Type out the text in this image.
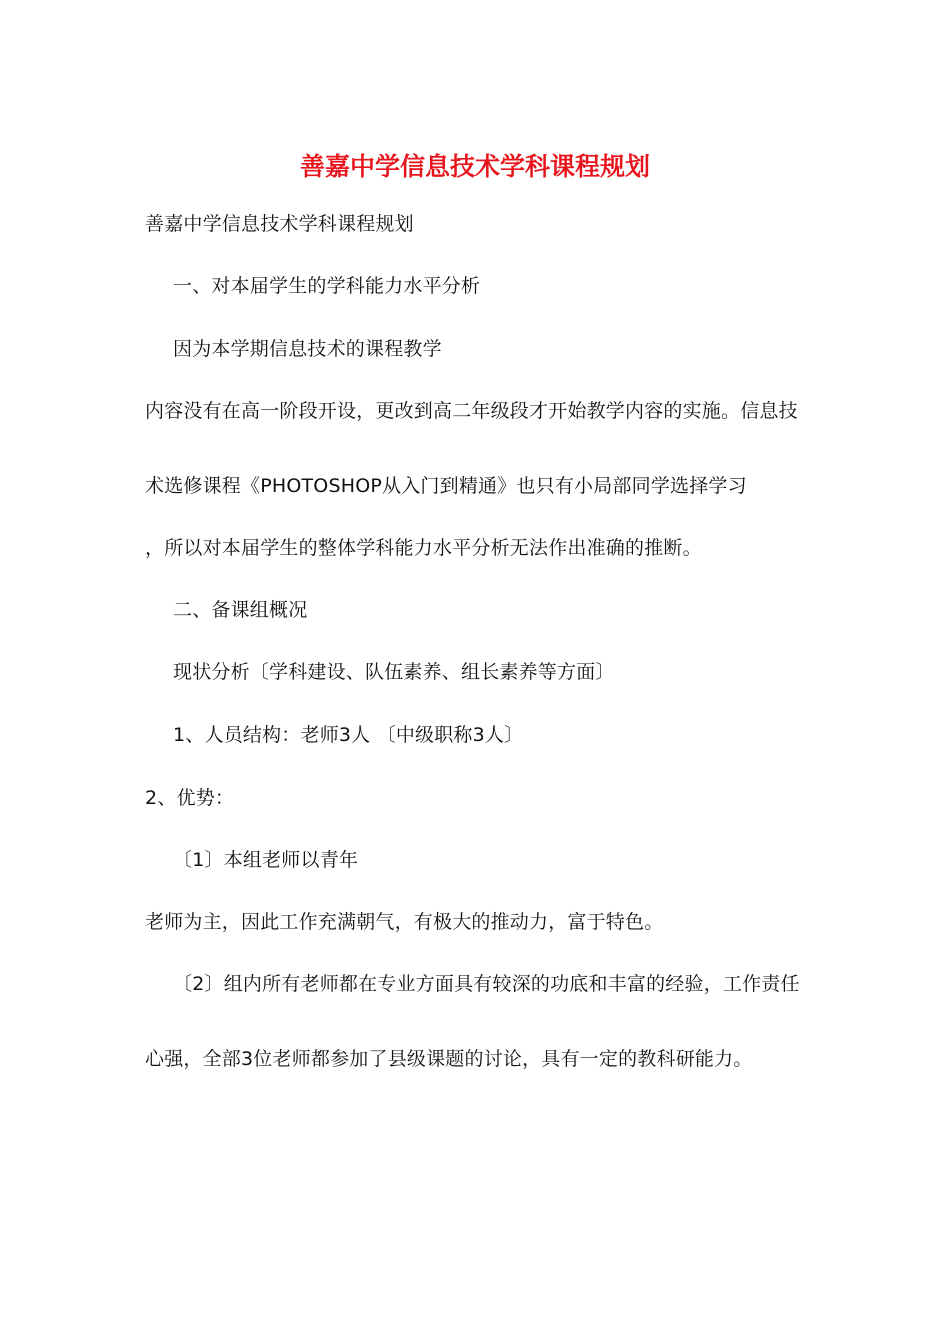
善嘉中学信息技术学科课程规划
善嘉中学信息技术学科课程规划
一、对本届学生的学科能力水平分析
因为本学期信息技术的课程教学
内容没有在高一阶段开设，更改到高二年级段才开始教学内容的实施。信息技
术选修课程《PHOTOSHOP从入门到精通》也只有小局部同学选择学习
，所以对本届学生的整体学科能力水平分析无法作出准确的推断。
二、备课组概况
现状分析〔学科建设、队伍素养、组长素养等方面〕
1、人员结构：老师3人 〔中级职称3人〕
2、优势：
〔1〕本组老师以青年
老师为主，因此工作充满朝气，有极大的推动力，富于特色。
〔2〕组内所有老师都在专业方面具有较深的功底和丰富的经验，工作责任
心强，全部3位老师都参加了县级课题的讨论，具有一定的教科研能力。
